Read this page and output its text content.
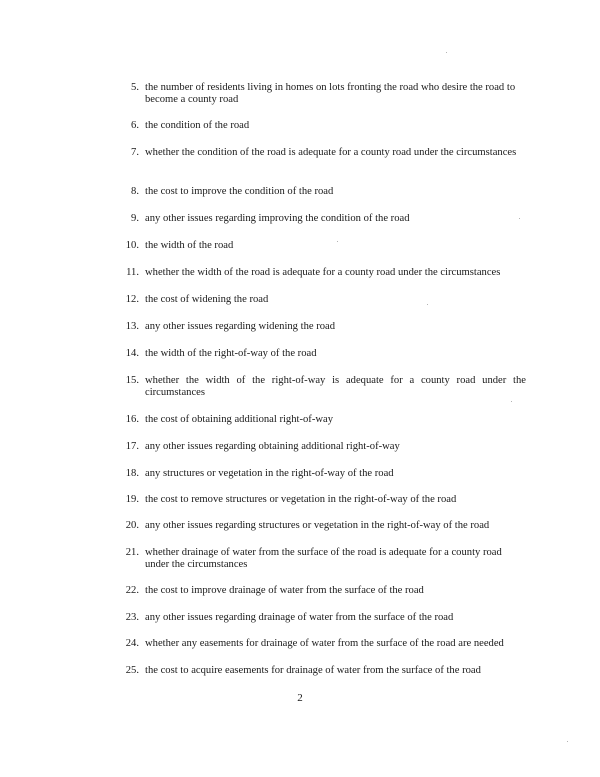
5. the number of residents living in homes on lots fronting the road who desire the road to become a county road
6. the condition of the road
7. whether the condition of the road is adequate for a county road under the circumstances
8. the cost to improve the condition of the road
9. any other issues regarding improving the condition of the road
10. the width of the road
11. whether the width of the road is adequate for a county road under the circumstances
12. the cost of widening the road
13. any other issues regarding widening the road
14. the width of the right-of-way of the road
15. whether the width of the right-of-way is adequate for a county road under the circumstances
16. the cost of obtaining additional right-of-way
17. any other issues regarding obtaining additional right-of-way
18. any structures or vegetation in the right-of-way of the road
19. the cost to remove structures or vegetation in the right-of-way of the road
20. any other issues regarding structures or vegetation in the right-of-way of the road
21. whether drainage of water from the surface of the road is adequate for a county road under the circumstances
22. the cost to improve drainage of water from the surface of the road
23. any other issues regarding drainage of water from the surface of the road
24. whether any easements for drainage of water from the surface of the road are needed
25. the cost to acquire easements for drainage of water from the surface of the road
2
